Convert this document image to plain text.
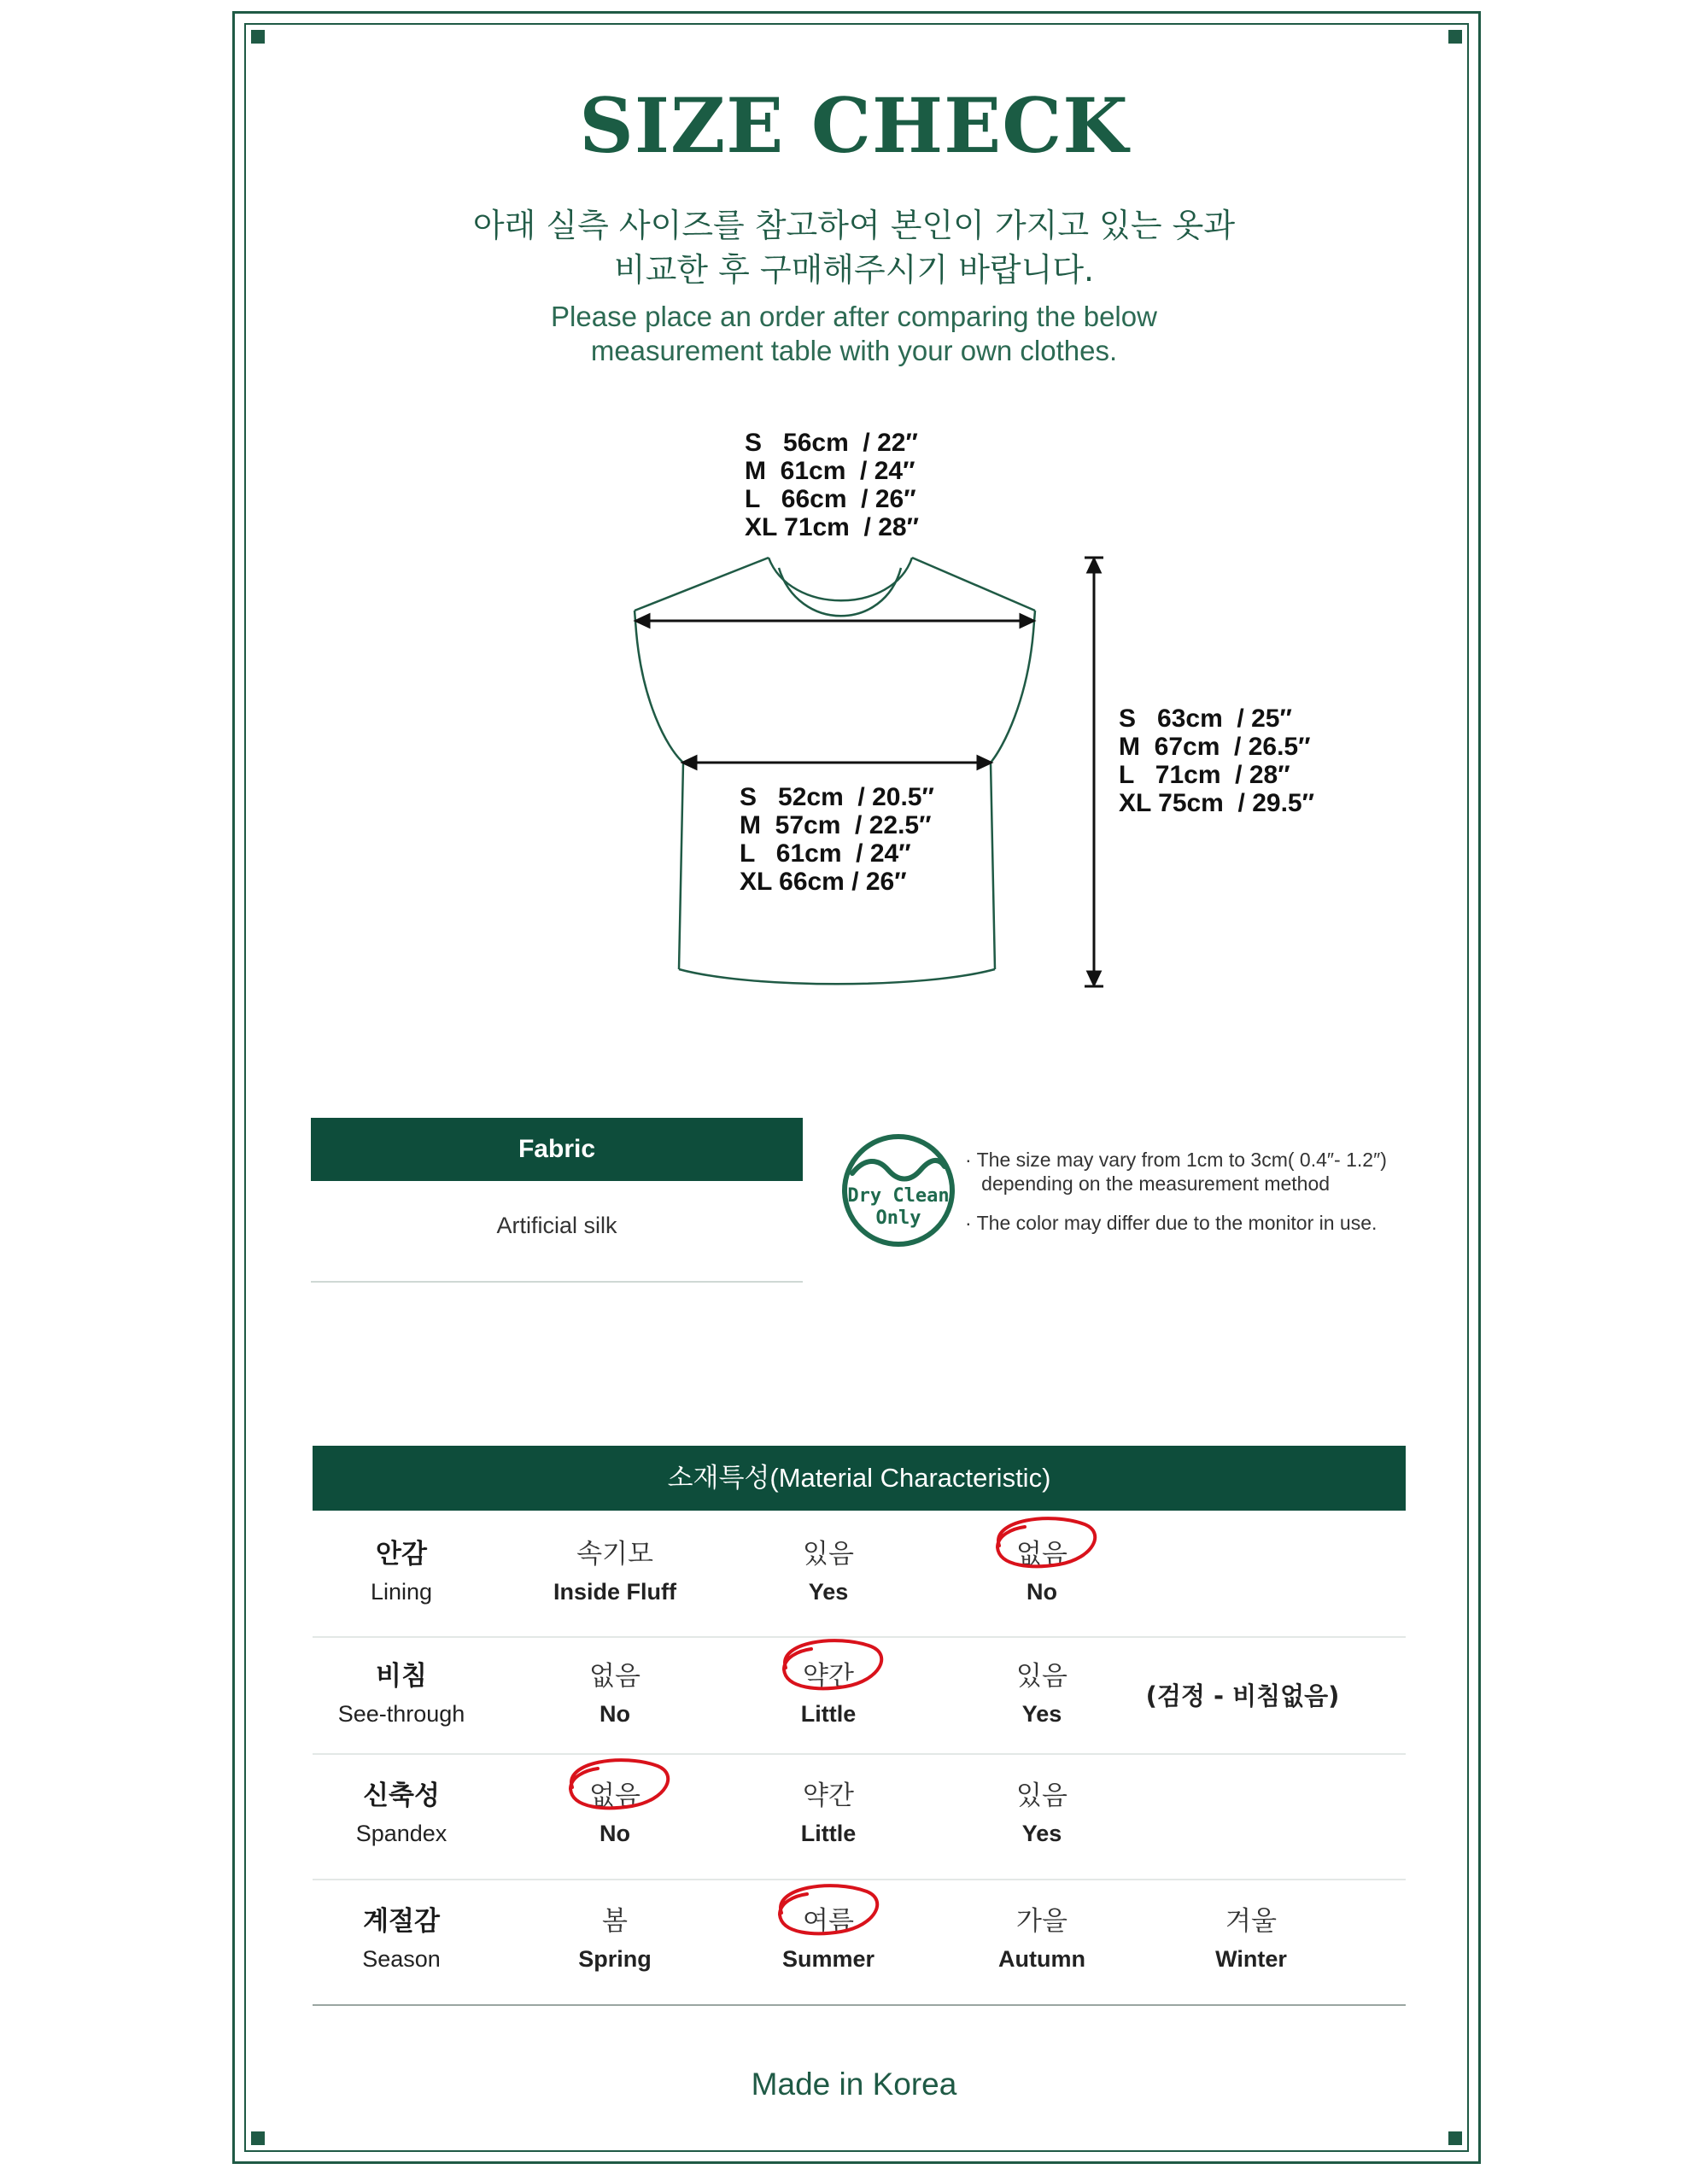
SIZE CHECK
아래 실측 사이즈를 참고하여 본인이 가지고 있는 옷과
비교한 후 구매해주시기 바랍니다.
Please place an order after comparing the below
measurement table with your own clothes.
S   56cm  / 22″
M  61cm  / 24″
L   66cm  / 26″
XL 71cm  / 28″
S   52cm  / 20.5″
M  57cm  / 22.5″
L   61cm  / 24″
XL 66cm / 26″
S   63cm  / 25″
M  67cm  / 26.5″
L   71cm  / 28″
XL 75cm  / 29.5″
Fabric
Artificial silk
Dry Clean
Only
· The size may vary from 1cm to 3cm( 0.4″- 1.2″)
depending on the measurement method
· The color may differ due to the monitor in use.
소재특성(Material Characteristic)
안감
Lining
속기모
Inside Fluff
있음
Yes
없음
No
비침
See-through
없음
No
약간
Little
있음
Yes
(검정 - 비침없음)
신축성
Spandex
없음
No
약간
Little
있음
Yes
계절감
Season
봄
Spring
여름
Summer
가을
Autumn
겨울
Winter
Made in Korea
